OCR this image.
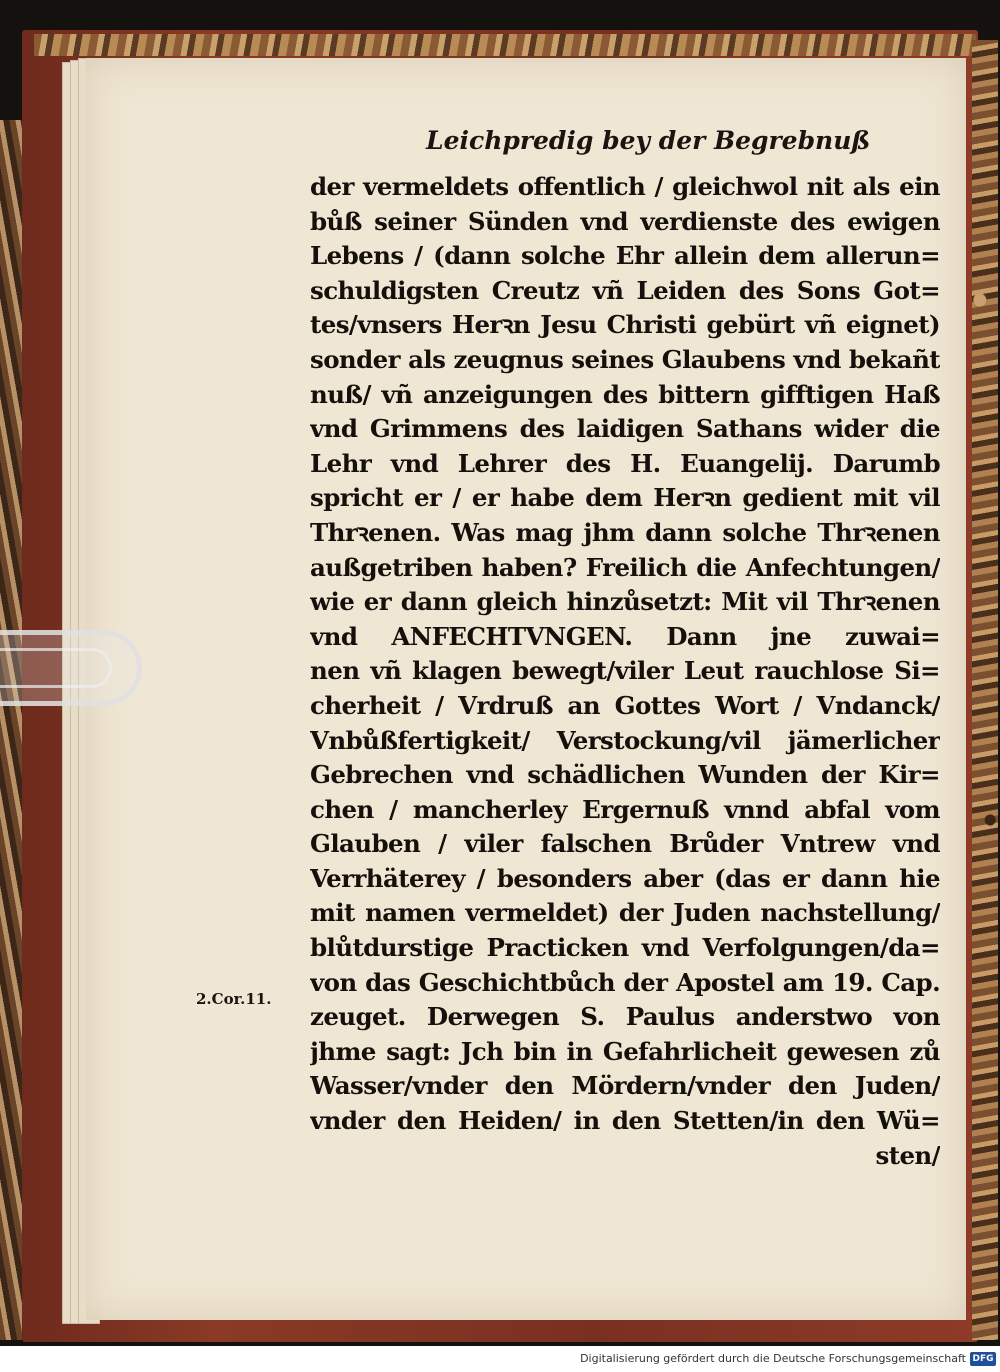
Leichpredig bey der Begrebnuß
der vermeldets offentlich / gleichwol nit als ein
bůß seiner Sünden vnd verdienste des ewigen
Lebens / (dann solche Ehr allein dem allerun=
schuldigsten Creutz vñ Leiden des Sons Got=
tes/vnsers Herꝛn Jesu Christi gebürt vñ eignet)
sonder als zeugnus seines Glaubens vnd bekañt
nuß/ vñ anzeigungen des bittern gifftigen Haß
vnd Grimmens des laidigen Sathans wider die
Lehr vnd Lehrer des H. Euangelij. Darumb
spricht er / er habe dem Herꝛn gedient mit vil
Thrꝛenen. Was mag jhm dann solche Thrꝛenen
außgetriben haben? Freilich die Anfechtungen/
wie er dann gleich hinzůsetzt: Mit vil Thrꝛenen
vnd ANFECHTVNGEN. Dann jne zuwai=
nen vñ klagen bewegt/viler Leut rauchlose Si=
cherheit / Vrdruß an Gottes Wort / Vndanck/
Vnbůßfertigkeit/ Verstockung/vil jämerlicher
Gebrechen vnd schädlichen Wunden der Kir=
chen / mancherley Ergernuß vnnd abfal vom
Glauben / viler falschen Brůder Vntrew vnd
Verrhäterey / besonders aber (das er dann hie
mit namen vermeldet) der Juden nachstellung/
blůtdurstige Practicken vnd Verfolgungen/da=
von das Geschichtbůch der Apostel am 19. Cap.
zeuget. Derwegen S. Paulus anderstwo von
jhme sagt: Jch bin in Gefahrlicheit gewesen zů
Wasser/vnder den Mördern/vnder den Juden/
vnder den Heiden/ in den Stetten/in den Wü=
sten/
2.Cor.11.
Digitalisierung gefördert durch die Deutsche Forschungsgemeinschaft DFG
